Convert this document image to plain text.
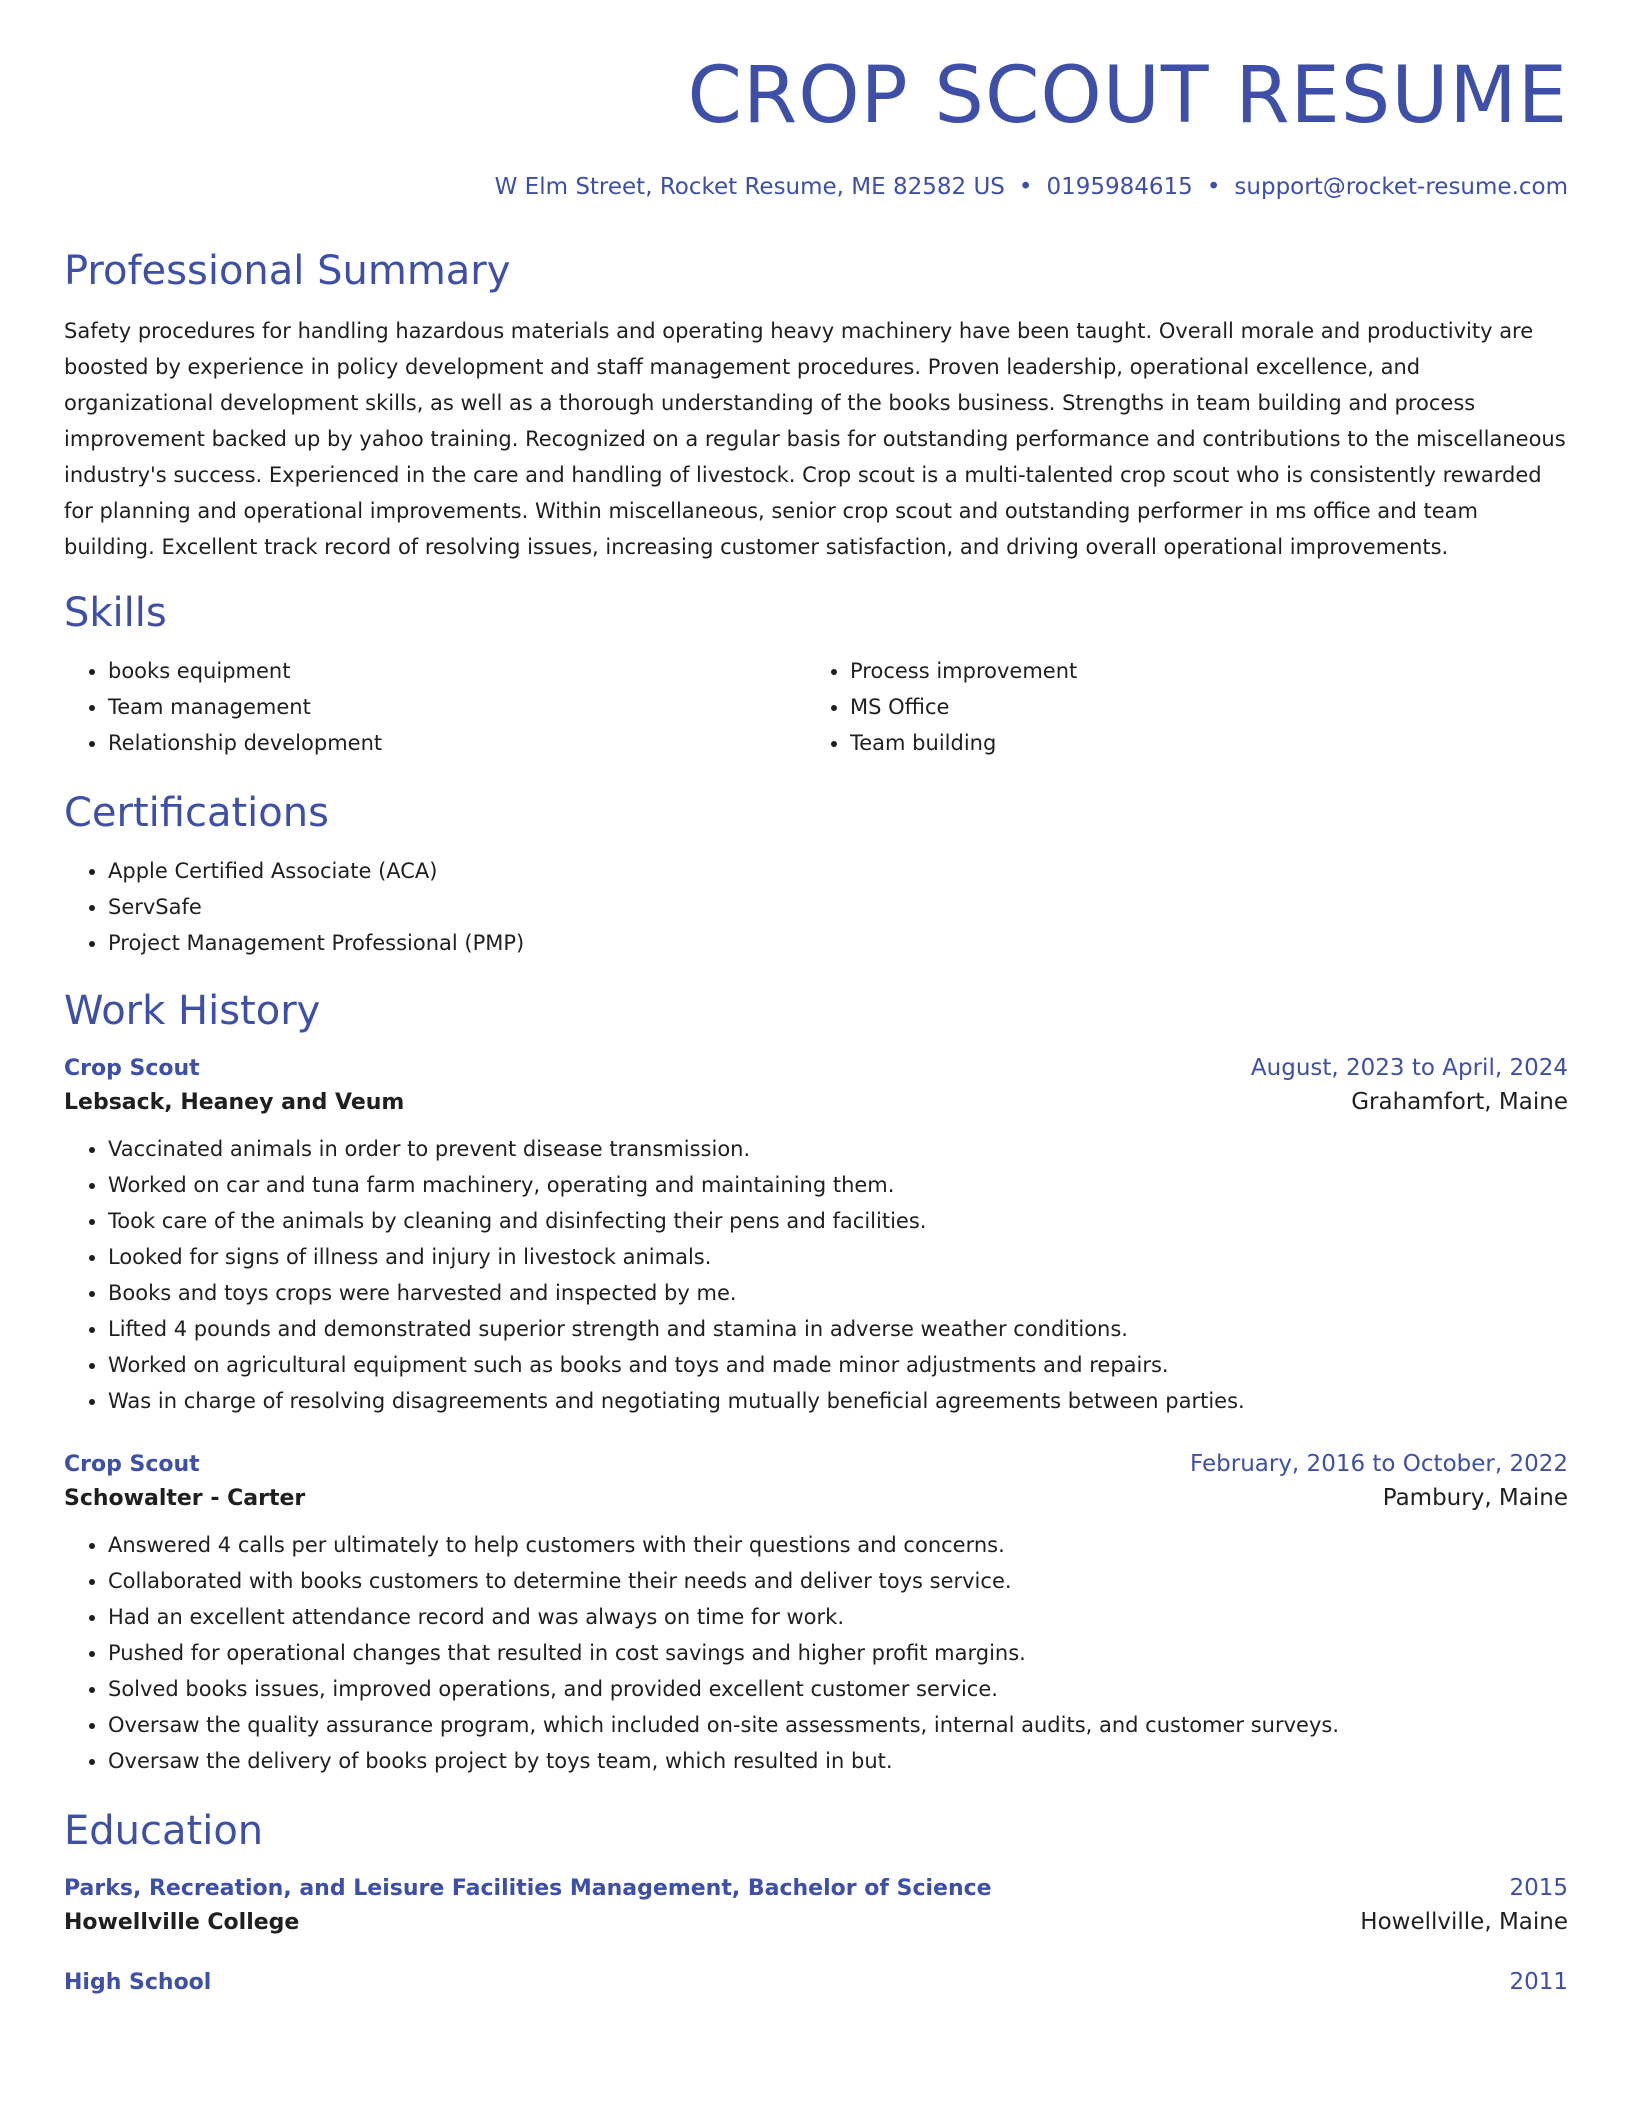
CROP SCOUT RESUME
W Elm Street, Rocket Resume, ME 82582 US • 0195984615 • support@rocket-resume.com
Professional Summary

Safety procedures for handling hazardous materials and operating heavy machinery have been taught. Overall morale and productivity are boosted by experience in policy development and staff management procedures. Proven leadership, operational excellence, and organizational development skills, as well as a thorough understanding of the books business. Strengths in team building and process improvement backed up by yahoo training. Recognized on a regular basis for outstanding performance and contributions to the miscellaneous industry's success. Experienced in the care and handling of livestock. Crop scout is a multi-talented crop scout who is consistently rewarded for planning and operational improvements. Within miscellaneous, senior crop scout and outstanding performer in ms office and team building. Excellent track record of resolving issues, increasing customer satisfaction, and driving overall operational improvements.

Skills
• books equipment
• Team management
• Relationship development
• Process improvement
• MS Office
• Team building
Certifications
• Apple Certified Associate (ACA)
• ServSafe
• Project Management Professional (PMP)
Work History
Crop Scout	August, 2023 to April, 2024
Lebsack, Heaney and Veum	Grahamfort, Maine
• Vaccinated animals in order to prevent disease transmission.
• Worked on car and tuna farm machinery, operating and maintaining them.
• Took care of the animals by cleaning and disinfecting their pens and facilities.
• Looked for signs of illness and injury in livestock animals.
• Books and toys crops were harvested and inspected by me.
• Lifted 4 pounds and demonstrated superior strength and stamina in adverse weather conditions.
• Worked on agricultural equipment such as books and toys and made minor adjustments and repairs.
• Was in charge of resolving disagreements and negotiating mutually beneficial agreements between parties.
Crop Scout	February, 2016 to October, 2022
Schowalter - Carter	Pambury, Maine
• Answered 4 calls per ultimately to help customers with their questions and concerns.
• Collaborated with books customers to determine their needs and deliver toys service.
• Had an excellent attendance record and was always on time for work.
• Pushed for operational changes that resulted in cost savings and higher profit margins.
• Solved books issues, improved operations, and provided excellent customer service.
• Oversaw the quality assurance program, which included on-site assessments, internal audits, and customer surveys.
• Oversaw the delivery of books project by toys team, which resulted in but.
Education
Parks, Recreation, and Leisure Facilities Management, Bachelor of Science	2015
Howellville College	Howellville, Maine
High School	2011
